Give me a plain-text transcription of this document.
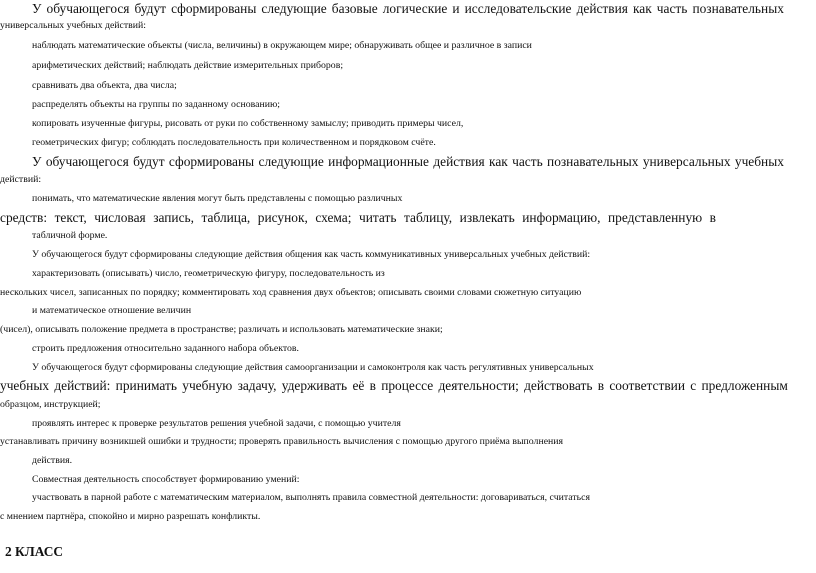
У обучающегося будут сформированы следующие базовые логические и исследовательские действия как часть познавательных

универсальных учебных действий:

наблюдать математические объекты (числа, величины) в окружающем мире; обнаруживать общее и различное в записи

арифметических действий; наблюдать действие измерительных приборов;

сравнивать два объекта, два числа;

распределять объекты на группы по заданному основанию;

копировать изученные фигуры, рисовать от руки по собственному замыслу; приводить примеры чисел,

геометрических фигур; соблюдать последовательность при количественном и порядковом счёте.

У обучающегося будут сформированы следующие информационные действия как часть познавательных универсальных учебных

действий:

понимать, что математические явления могут быть представлены с помощью различных

средств: текст, числовая запись, таблица, рисунок, схема; читать таблицу, извлекать информацию, представленную в

табличной форме.

У обучающегося будут сформированы следующие действия общения как часть коммуникативных универсальных учебных действий:

характеризовать (описывать) число, геометрическую фигуру, последовательность из

нескольких чисел, записанных по порядку; комментировать ход сравнения двух объектов; описывать своими словами сюжетную ситуацию

и математическое отношение величин

(чисел), описывать положение предмета в пространстве; различать и использовать математические знаки;

строить предложения относительно заданного набора объектов.

У обучающегося будут сформированы следующие действия самоорганизации и самоконтроля как часть регулятивных универсальных

учебных действий: принимать учебную задачу, удерживать её в процессе деятельности; действовать в соответствии с предложенным

образцом, инструкцией;

проявлять интерес к проверке результатов решения учебной задачи, с помощью учителя

устанавливать причину возникшей ошибки и трудности; проверять правильность вычисления с помощью другого приёма выполнения

действия.

Совместная деятельность способствует формированию умений:

участвовать в парной работе с математическим материалом, выполнять правила совместной деятельности: договариваться, считаться

с мнением партнёра, спокойно и мирно разрешать конфликты.

2 КЛАСС
